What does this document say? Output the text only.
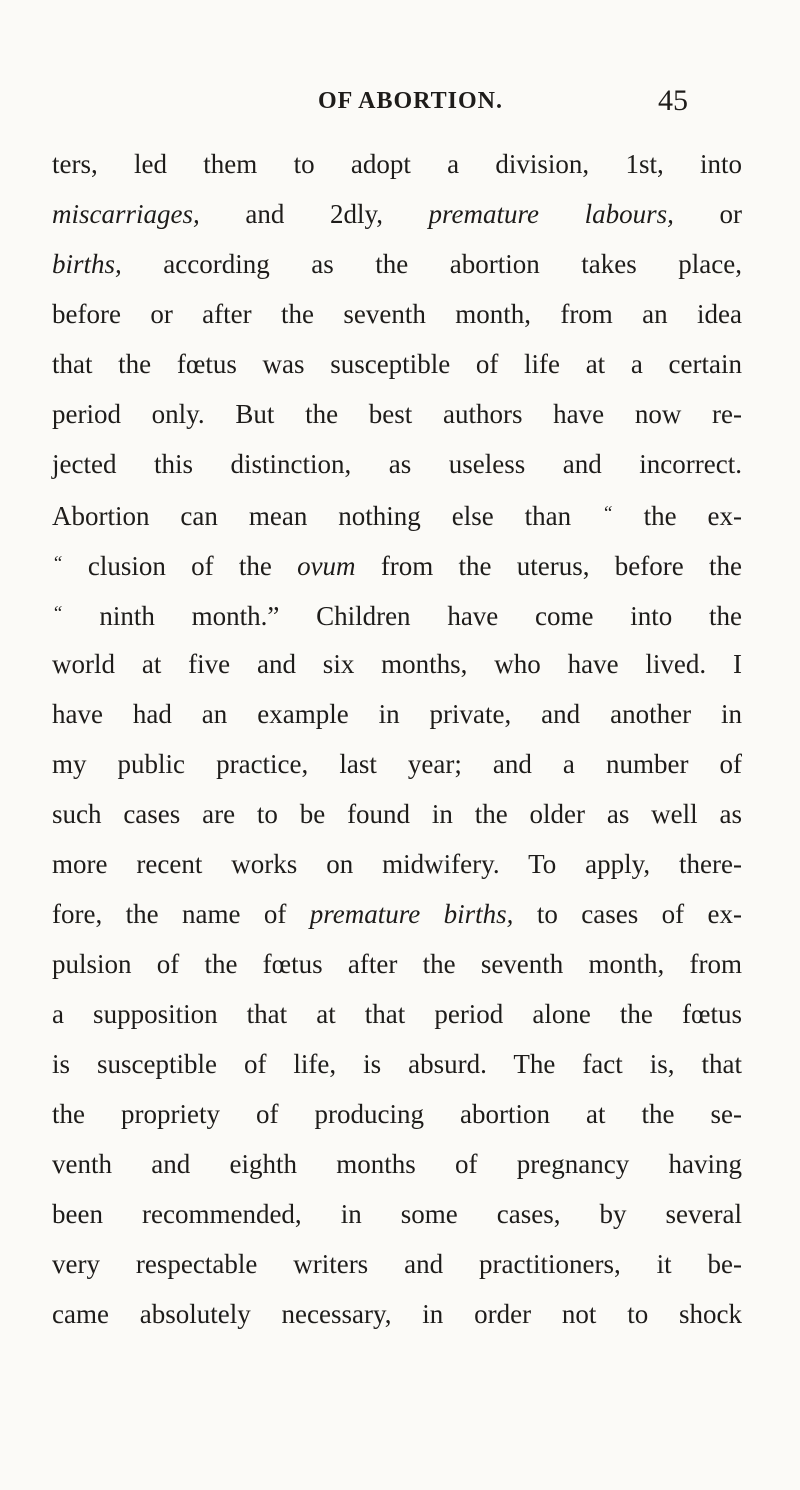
OF ABORTION.	45
ters, led them to adopt a division, 1st, into
miscarriages, and 2dly, premature labours, or
births, according as the abortion takes place,
before or after the seventh month, from an idea
that the fœtus was susceptible of life at a certain
period only. But the best authors have now re-
jected this distinction, as useless and incorrect.
Abortion can mean nothing else than “ the ex-
“ clusion of the ovum from the uterus, before the
“ ninth month.” Children have come into the
world at five and six months, who have lived. I
have had an example in private, and another in
my public practice, last year; and a number of
such cases are to be found in the older as well as
more recent works on midwifery. To apply, there-
fore, the name of premature births, to cases of ex-
pulsion of the fœtus after the seventh month, from
a supposition that at that period alone the fœtus
is susceptible of life, is absurd. The fact is, that
the propriety of producing abortion at the se-
venth and eighth months of pregnancy having
been recommended, in some cases, by several
very respectable writers and practitioners, it be-
came absolutely necessary, in order not to shock
